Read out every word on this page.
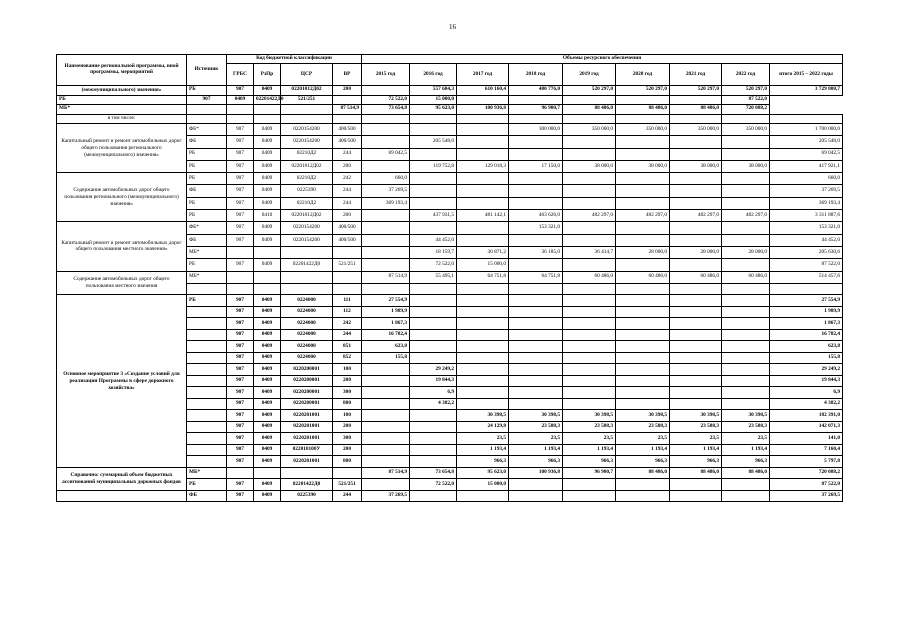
16
Наименование региональной программы, иной программы, мероприятий	Источник	Код бюджетной классификации				Объемы ресурсного обеспечения								
		ГРБС	РзПр	ЦСР	ВР	2015 год	2016 год	2017 год	2018 год	2019 год	2020 год	2021 год	2022 год	итого 2015 – 2022 годы
(межмуниципального) значения»	РБ	907	0409	02201012Д02	200		557 684,3	610 160,4	480 776,0	520 297,0	520 297,0	520 297,0	520 297,0	3 729 808,7
РБ	907	0409	02201422Д0	521/251		72 522,0	15 000,0						87 522,0	
МБ*					87 514,9	73 654,8	95 623,0	100 936,8	96 900,7	88 486,0	88 486,0	88 486,0	720 088,2	
в том числе:														
Капитальный ремонт и ремонт автомобильных дорог общего пользования регионального (межмуниципального) значения»	ФБ*	907	0409	0220154200	400/500				300 000,0	350 000,0	350 000,0	350 000,0	350 000,0	1 700 000,0
	ФБ	907	0409	0220154200	400/500		205 548,0							205 548,0
	РБ	907	0409	02210Д2	244	69 042,5								69 042,5
	РБ	907	0409	02201012Д02	200		119 752,8	129 018,3	17 150,0	38 000,0	38 000,0	38 000,0	38 000,0	417 921,1
Содержание автомобильных дорог общего пользования регионального (межмуниципального) значения»	РБ	907	0409	02210Д2	242	660,0								660,0
	ФБ	907	0409	0225390	244	37 269,5								37 269,5
	РБ	907	0409	02210Д2	244	369 193,4								369 193,4
	РБ	907	0410	02201012Д02	200		437 931,5	481 142,1	463 626,0	482 297,0	482 297,0	482 297,0	482 297,0	3 311 887,6
Капитальный ремонт и ремонт автомобильных дорог общего пользования местного значения»	ФБ*	907	0409	0220154200	400/500				153 321,0					153 321,0
	ФБ	907	0409	0220154200	400/500		44 452,0							44 452,0
	МБ*						18 159,7	30 871,2	36 185,0	36 414,7	28 000,0	28 000,0	28 000,0	205 630,6
	РБ	907	0409	02201422Д0	521/251		72 522,0	15 000,0						87 522,0
Содержание автомобильных дорог общего пользования местного значения	МБ*					87 514,9	55 495,1	64 751,8	64 751,8	60 486,0	60 486,0	60 486,0	60 486,0	514 457,6

Основное мероприятие 3 «Создание условий для реализации Программы в сфере дорожного хозяйства»	РБ	907	0409	0224000	111	27 554,9								27 554,9
		907	0409	0224000	112	1 989,9								1 989,9
		907	0409	0224000	242	1 867,3								1 867,3
		907	0409	0224000	244	16 782,4								16 782,4
		907	0409	0224000	851	623,8								623,8
		907	0409	0224000	852	155,8								155,8
		907	0409	0220200001	100		29 249,2							29 249,2
		907	0409	0220200001	200		19 844,3							19 844,3
		907	0409	0220200001	300		6,9							6,9
		907	0409	0220200001	800		4 382,2							4 382,2
		907	0409	0220201001	100			30 398,5	30 398,5	30 398,5	30 398,5	30 398,5	30 398,5	182 391,0
		907	0409	0220201001	200			24 129,8	23 588,3	23 588,3	23 588,3	23 588,3	23 588,3	142 071,3
		907	0409	0220201001	300			23,5	23,5	23,5	23,5	23,5	23,5	141,0
		907	0409	022010100У	200			1 193,4	1 193,4	1 193,4	1 193,4	1 193,4	1 193,4	7 160,4
		907	0409	0220201001	800			966,3	966,3	966,3	966,3	966,3	966,3	5 797,8
Справочно: суммарный объем бюджетных ассигнований муниципальных дорожных фондов	МБ*					87 514,9	73 654,8	95 623,0	100 936,8	96 900,7	88 486,0	88 486,0	88 486,0	720 088,2
	РБ	907	0409	02201422Д0	521/251		72 522,0	15 000,0						87 522,0
	ФБ	907	0409	0225390	244	37 269,5								37 269,5
